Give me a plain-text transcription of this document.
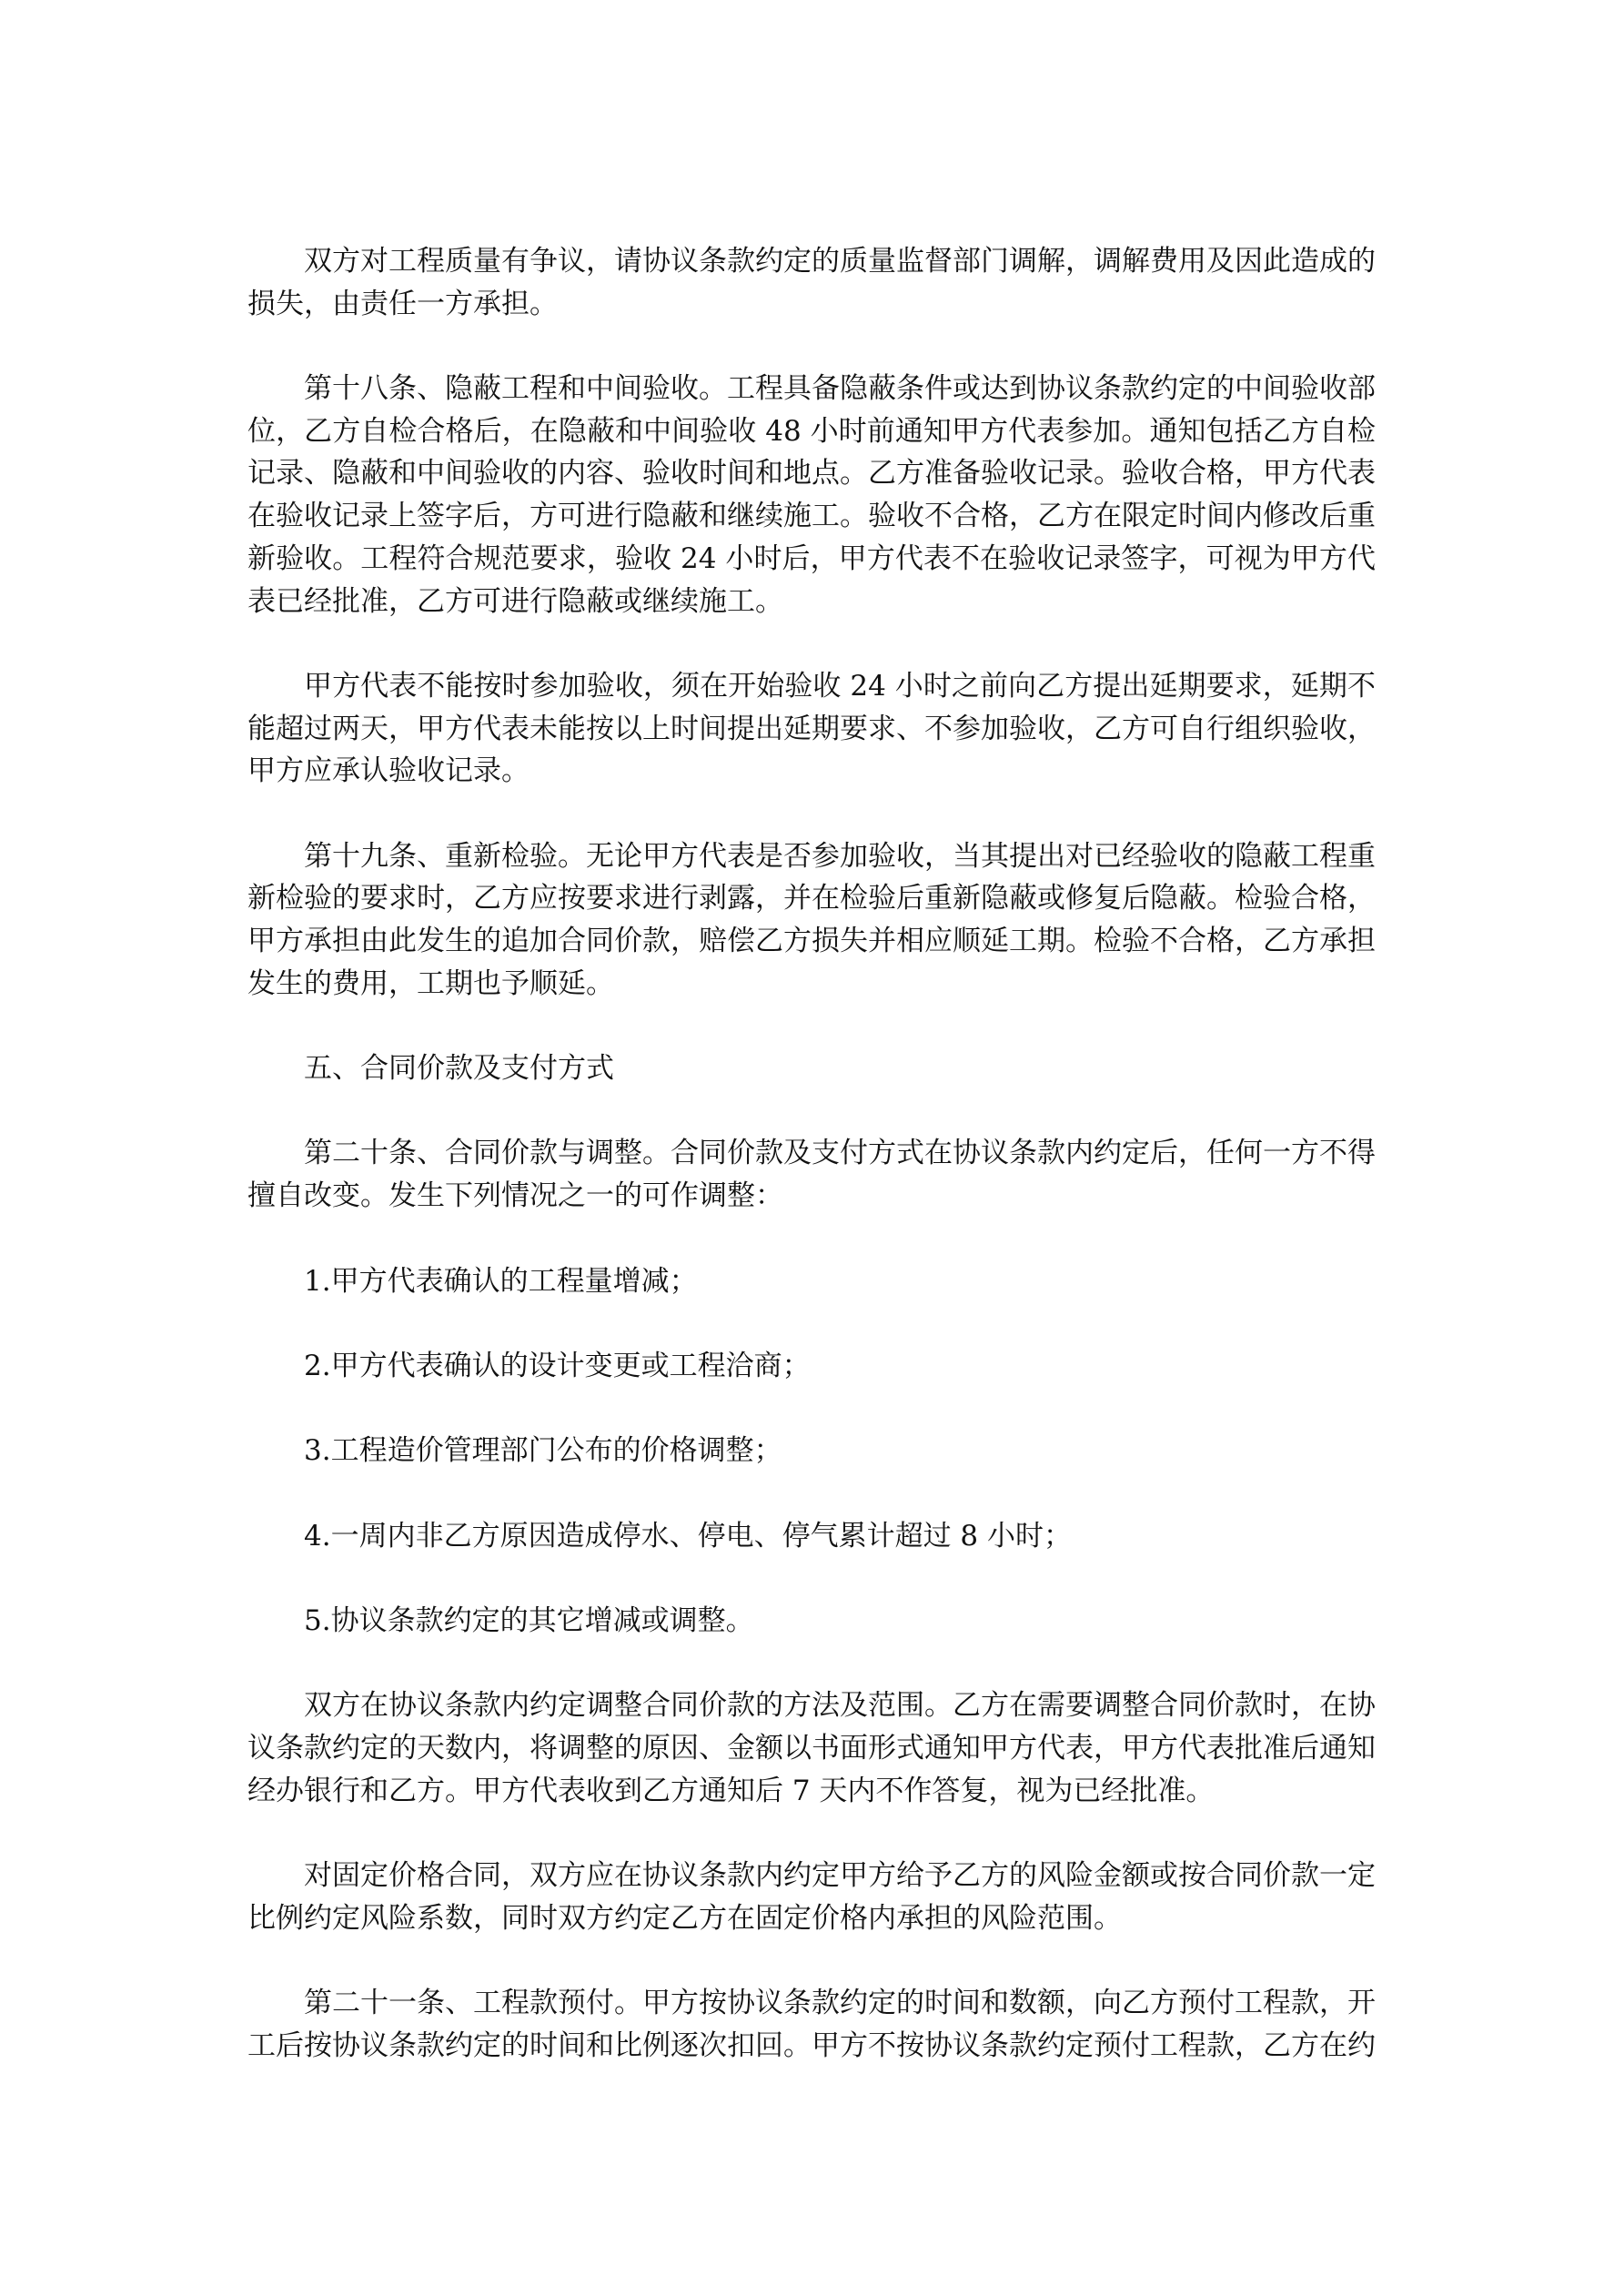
双方对工程质量有争议，请协议条款约定的质量监督部门调解，调解费用及因此造成的
损失，由责任一方承担。
第十八条、隐蔽工程和中间验收。工程具备隐蔽条件或达到协议条款约定的中间验收部
位，乙方自检合格后，在隐蔽和中间验收 48 小时前通知甲方代表参加。通知包括乙方自检
记录、隐蔽和中间验收的内容、验收时间和地点。乙方准备验收记录。验收合格，甲方代表
在验收记录上签字后，方可进行隐蔽和继续施工。验收不合格，乙方在限定时间内修改后重
新验收。工程符合规范要求，验收 24 小时后，甲方代表不在验收记录签字，可视为甲方代
表已经批准，乙方可进行隐蔽或继续施工。
甲方代表不能按时参加验收，须在开始验收 24 小时之前向乙方提出延期要求，延期不
能超过两天，甲方代表未能按以上时间提出延期要求、不参加验收，乙方可自行组织验收，
甲方应承认验收记录。
第十九条、重新检验。无论甲方代表是否参加验收，当其提出对已经验收的隐蔽工程重
新检验的要求时，乙方应按要求进行剥露，并在检验后重新隐蔽或修复后隐蔽。检验合格，
甲方承担由此发生的追加合同价款，赔偿乙方损失并相应顺延工期。检验不合格，乙方承担
发生的费用，工期也予顺延。
五、合同价款及支付方式
第二十条、合同价款与调整。合同价款及支付方式在协议条款内约定后，任何一方不得
擅自改变。发生下列情况之一的可作调整：
1.甲方代表确认的工程量增减；
2.甲方代表确认的设计变更或工程洽商；
3.工程造价管理部门公布的价格调整；
4.一周内非乙方原因造成停水、停电、停气累计超过 8 小时；
5.协议条款约定的其它增减或调整。
双方在协议条款内约定调整合同价款的方法及范围。乙方在需要调整合同价款时，在协
议条款约定的天数内，将调整的原因、金额以书面形式通知甲方代表，甲方代表批准后通知
经办银行和乙方。甲方代表收到乙方通知后 7 天内不作答复，视为已经批准。
对固定价格合同，双方应在协议条款内约定甲方给予乙方的风险金额或按合同价款一定
比例约定风险系数，同时双方约定乙方在固定价格内承担的风险范围。
第二十一条、工程款预付。甲方按协议条款约定的时间和数额，向乙方预付工程款，开
工后按协议条款约定的时间和比例逐次扣回。甲方不按协议条款约定预付工程款，乙方在约
